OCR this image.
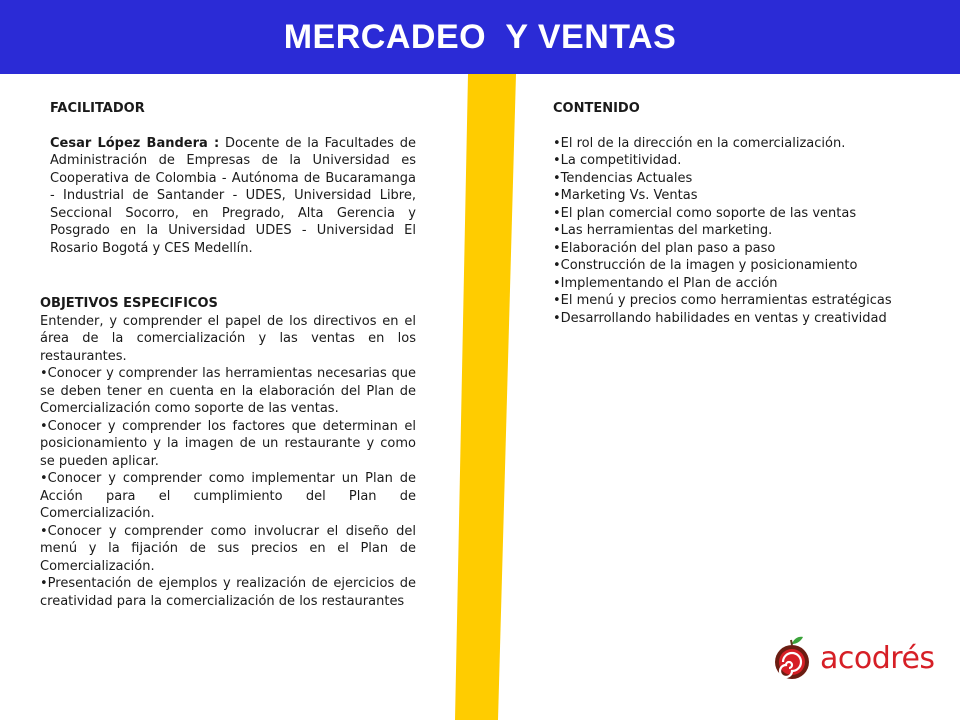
MERCADEO  Y VENTAS
FACILITADOR
Cesar López Bandera : Docente de la Facultades de Administración de Empresas de la Universidad es Cooperativa de Colombia - Autónoma de Bucaramanga - Industrial de Santander - UDES, Universidad Libre, Seccional Socorro, en Pregrado, Alta Gerencia y Posgrado en la Universidad UDES - Universidad El Rosario Bogotá y CES Medellín.
OBJETIVOS ESPECIFICOS

Entender, y comprender el papel de los directivos en el área de la comercialización y las ventas en los restaurantes.

•Conocer y comprender las herramientas necesarias que se deben tener en cuenta en la elaboración del Plan de Comercialización como soporte de las ventas.

•Conocer y comprender los factores que determinan el posicionamiento y la imagen de un restaurante y como se pueden aplicar.

•Conocer y comprender como implementar un Plan de Acción para el cumplimiento del Plan de Comercialización.

•Conocer y comprender como involucrar el diseño del menú y la fijación de sus precios en el Plan de Comercialización.

•Presentación de ejemplos y realización de ejercicios de creatividad para la comercialización de los restaurantes

CONTENIDO
•El rol de la dirección en la comercialización.
•La competitividad.
•Tendencias Actuales
•Marketing Vs. Ventas
•El plan comercial como soporte de las ventas
•Las herramientas del marketing.
•Elaboración del plan paso a paso
•Construcción de la imagen y posicionamiento
•Implementando el Plan de acción
•El menú y precios como herramientas estratégicas
•Desarrollando habilidades en ventas y creatividad
acodrés
